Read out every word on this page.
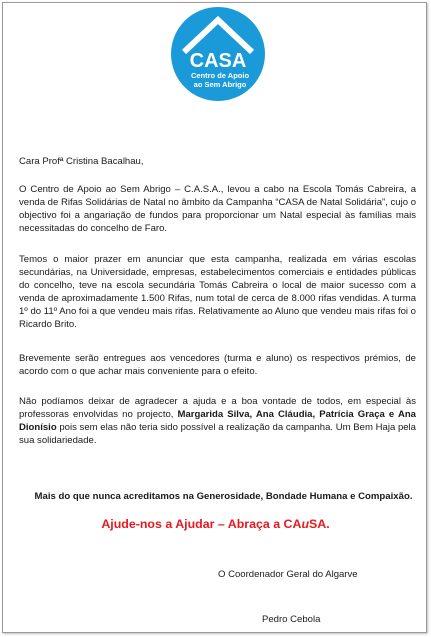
CASA
Centro de Apoio
ao Sem Abrigo

Cara Profª Cristina Bacalhau,

O Centro de Apoio ao Sem Abrigo – C.A.S.A., levou a cabo na Escola Tomás Cabreira, a venda de Rifas Solidárias de Natal no âmbito da Campanha “CASA de Natal Solidária”, cujo o objectivo foi a angariação de fundos para proporcionar um Natal especial às famílias mais necessitadas do concelho de Faro.

Temos o maior prazer em anunciar que esta campanha, realizada em várias escolas secundárias, na Universidade, empresas, estabelecimentos comerciais e entidades públicas do concelho, teve na escola secundária Tomás Cabreira o local de maior sucesso com a venda de aproximadamente 1.500 Rifas, num total de cerca de 8.000 rifas vendidas. A turma 1º do 11º Ano foi a que vendeu mais rifas. Relativamente ao Aluno que vendeu mais rifas foi o Ricardo Brito.

Brevemente serão entregues aos vencedores (turma e aluno) os respectivos prémios, de acordo com o que achar mais conveniente para o efeito.

Não podíamos deixar de agradecer a ajuda e a boa vontade de todos, em especial às professoras envolvidas no projecto, Margarida Silva, Ana Cláudia, Patrícia Graça e Ana Dionísio pois sem elas não teria sido possível a realização da campanha. Um Bem Haja pela sua solidariedade.

Mais do que nunca acreditamos na Generosidade, Bondade Humana e Compaixão.

Ajude-nos a Ajudar – Abraça a CAuSA.

O Coordenador Geral do Algarve
Pedro Cebola
